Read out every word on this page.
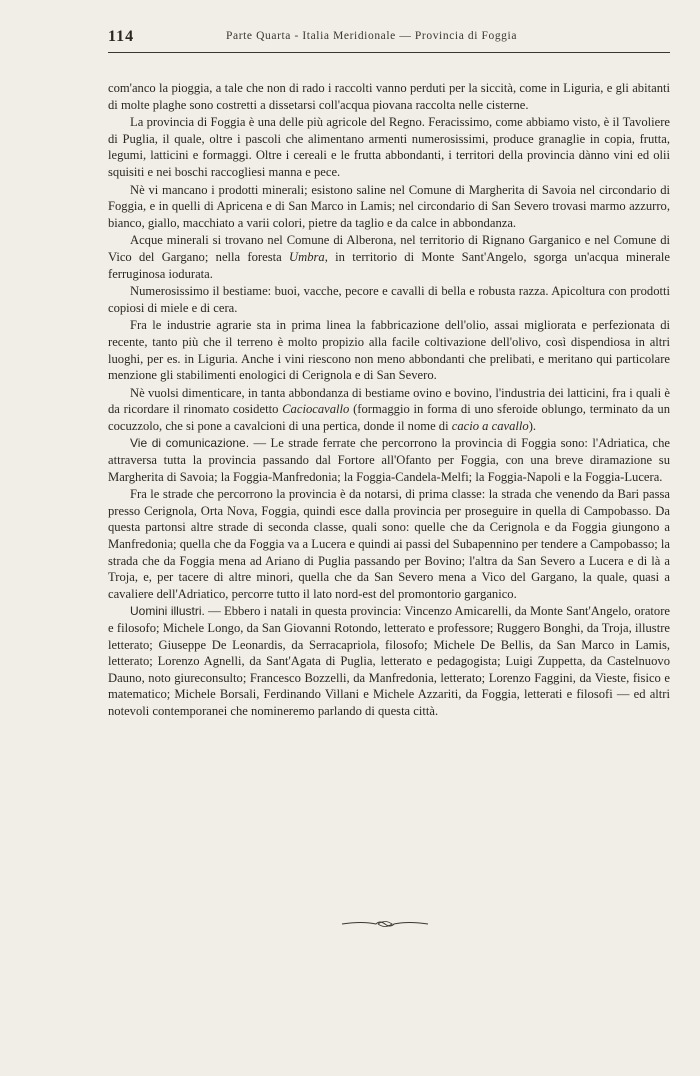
114	Parte Quarta - Italia Meridionale — Provincia di Foggia

com'anco la pioggia, a tale che non di rado i raccolti vanno perduti per la siccità, come in Liguria, e gli abitanti di molte plaghe sono costretti a dissetarsi coll'acqua piovana raccolta nelle cisterne.

La provincia di Foggia è una delle più agricole del Regno. Feracissimo, come abbiamo visto, è il Tavoliere di Puglia, il quale, oltre i pascoli che alimentano armenti numerosissimi, produce granaglie in copia, frutta, legumi, latticini e formaggi. Oltre i cereali e le frutta abbondanti, i territori della provincia dànno vini ed olii squisiti e nei boschi raccogliesi manna e pece.

Nè vi mancano i prodotti minerali; esistono saline nel Comune di Margherita di Savoia nel circondario di Foggia, e in quelli di Apricena e di San Marco in Lamis; nel circondario di San Severo trovasi marmo azzurro, bianco, giallo, macchiato a varii colori, pietre da taglio e da calce in abbondanza.

Acque minerali si trovano nel Comune di Alberona, nel territorio di Rignano Garganico e nel Comune di Vico del Gargano; nella foresta Umbra, in territorio di Monte Sant'Angelo, sgorga un'acqua minerale ferruginosa iodurata.

Numerosissimo il bestiame: buoi, vacche, pecore e cavalli di bella e robusta razza. Apicoltura con prodotti copiosi di miele e di cera.

Fra le industrie agrarie sta in prima linea la fabbricazione dell'olio, assai migliorata e perfezionata di recente, tanto più che il terreno è molto propizio alla facile coltivazione dell'olivo, così dispendiosa in altri luoghi, per es. in Liguria. Anche i vini riescono non meno abbondanti che prelibati, e meritano qui particolare menzione gli stabilimenti enologici di Cerignola e di San Severo.

Nè vuolsi dimenticare, in tanta abbondanza di bestiame ovino e bovino, l'industria dei latticini, fra i quali è da ricordare il rinomato cosidetto Caciocavallo (formaggio in forma di uno sferoide oblungo, terminato da un cocuzzolo, che si pone a cavalcioni di una pertica, donde il nome di cacio a cavallo).

Vie di comunicazione. — Le strade ferrate che percorrono la provincia di Foggia sono: l'Adriatica, che attraversa tutta la provincia passando dal Fortore all'Ofanto per Foggia, con una breve diramazione su Margherita di Savoia; la Foggia-Manfredonia; la Foggia-Candela-Melfi; la Foggia-Napoli e la Foggia-Lucera.

Fra le strade che percorrono la provincia è da notarsi, di prima classe: la strada che venendo da Bari passa presso Cerignola, Orta Nova, Foggia, quindi esce dalla provincia per proseguire in quella di Campobasso. Da questa partonsi altre strade di seconda classe, quali sono: quelle che da Cerignola e da Foggia giungono a Manfredonia; quella che da Foggia va a Lucera e quindi ai passi del Subapennino per tendere a Campobasso; la strada che da Foggia mena ad Ariano di Puglia passando per Bovino; l'altra da San Severo a Lucera e di là a Troja, e, per tacere di altre minori, quella che da San Severo mena a Vico del Gargano, la quale, quasi a cavaliere dell'Adriatico, percorre tutto il lato nord-est del promontorio garganico.

Uomini illustri. — Ebbero i natali in questa provincia: Vincenzo Amicarelli, da Monte Sant'Angelo, oratore e filosofo; Michele Longo, da San Giovanni Rotondo, letterato e professore; Ruggero Bonghi, da Troja, illustre letterato; Giuseppe De Leonardis, da Serracapriola, filosofo; Michele De Bellis, da San Marco in Lamis, letterato; Lorenzo Agnelli, da Sant'Agata di Puglia, letterato e pedagogista; Luigi Zuppetta, da Castelnuovo Dauno, noto giureconsulto; Francesco Bozzelli, da Manfredonia, letterato; Lorenzo Faggini, da Vieste, fisico e matematico; Michele Borsali, Ferdinando Villani e Michele Azzariti, da Foggia, letterati e filosofi — ed altri notevoli contemporanei che nomineremo parlando di questa città.
